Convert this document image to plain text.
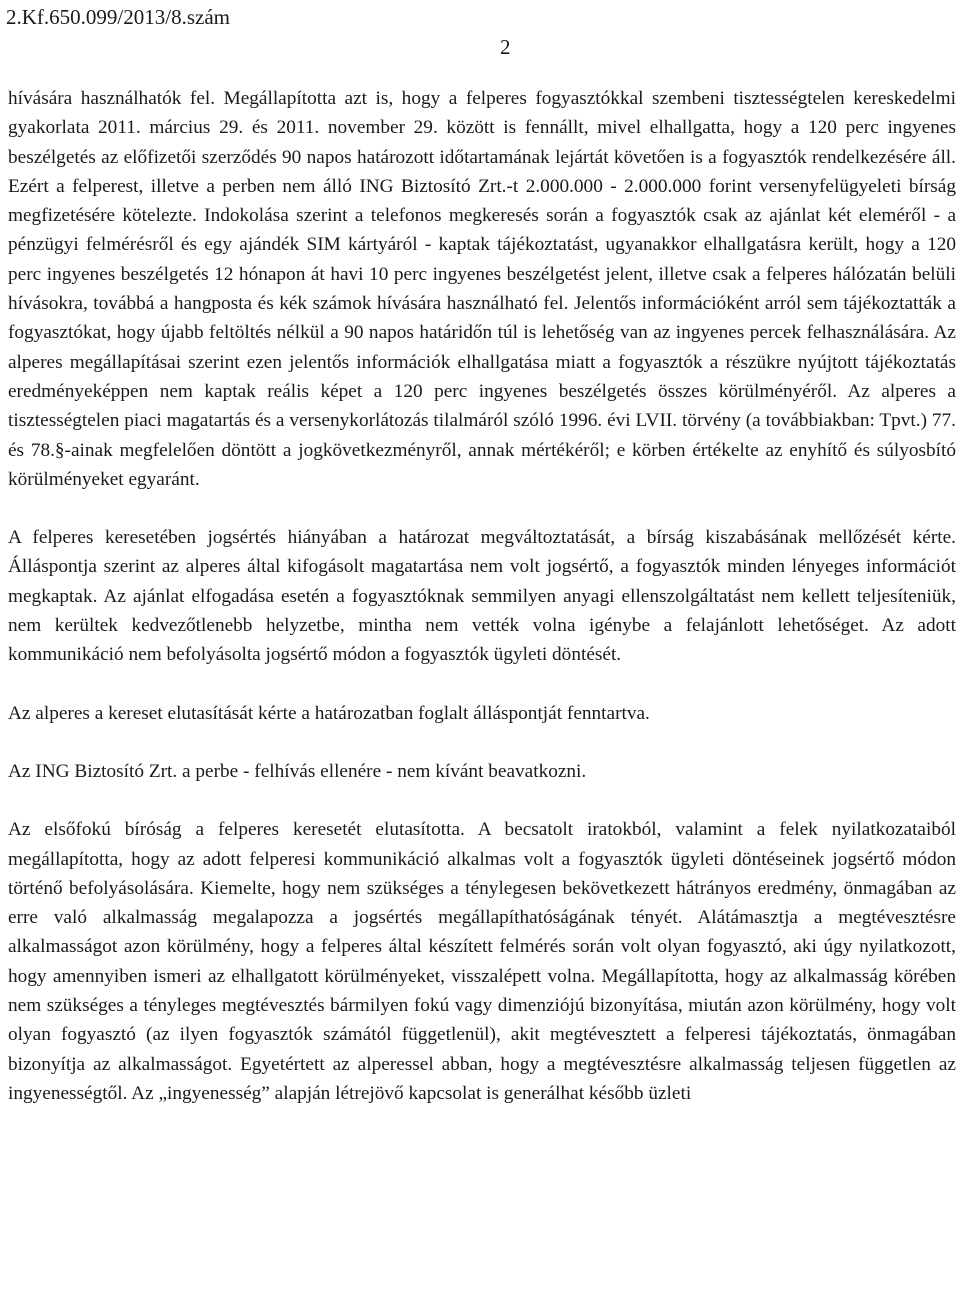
2.Kf.650.099/2013/8.szám
2

hívására használhatók fel. Megállapította azt is, hogy a felperes fogyasztókkal szembeni tisztességtelen kereskedelmi gyakorlata 2011. március 29. és 2011. november 29. között is fennállt, mivel elhallgatta, hogy a 120 perc ingyenes beszélgetés az előfizetői szerződés 90 napos határozott időtartamának lejártát követően is a fogyasztók rendelkezésére áll. Ezért a felperest, illetve a perben nem álló ING Biztosító Zrt.-t 2.000.000 - 2.000.000 forint versenyfelügyeleti bírság megfizetésére kötelezte. Indokolása szerint a telefonos megkeresés során a fogyasztók csak az ajánlat két eleméről - a pénzügyi felmérésről és egy ajándék SIM kártyáról - kaptak tájékoztatást, ugyanakkor elhallgatásra került, hogy a 120 perc ingyenes beszélgetés 12 hónapon át havi 10 perc ingyenes beszélgetést jelent, illetve csak a felperes hálózatán belüli hívásokra, továbbá a hangposta és kék számok hívására használható fel. Jelentős információként arról sem tájékoztatták a fogyasztókat, hogy újabb feltöltés nélkül a 90 napos határidőn túl is lehetőség van az ingyenes percek felhasználására. Az alperes megállapításai szerint ezen jelentős információk elhallgatása miatt a fogyasztók a részükre nyújtott tájékoztatás eredményeképpen nem kaptak reális képet a 120 perc ingyenes beszélgetés összes körülményéről. Az alperes a tisztességtelen piaci magatartás és a versenykorlátozás tilalmáról szóló 1996. évi LVII. törvény (a továbbiakban: Tpvt.) 77. és 78.§-ainak megfelelően döntött a jogkövetkezményről, annak mértékéről; e körben értékelte az enyhítő és súlyosbító körülményeket egyaránt.

A felperes keresetében jogsértés hiányában a határozat megváltoztatását, a bírság kiszabásának mellőzését kérte. Álláspontja szerint az alperes által kifogásolt magatartása nem volt jogsértő, a fogyasztók minden lényeges információt megkaptak. Az ajánlat elfogadása esetén a fogyasztóknak semmilyen anyagi ellenszolgáltatást nem kellett teljesíteniük, nem kerültek kedvezőtlenebb helyzetbe, mintha nem vették volna igénybe a felajánlott lehetőséget. Az adott kommunikáció nem befolyásolta jogsértő módon a fogyasztók ügyleti döntését.

Az alperes a kereset elutasítását kérte a határozatban foglalt álláspontját fenntartva.

Az ING Biztosító Zrt. a perbe - felhívás ellenére - nem kívánt beavatkozni.

Az elsőfokú bíróság a felperes keresetét elutasította. A becsatolt iratokból, valamint a felek nyilatkozataiból megállapította, hogy az adott felperesi kommunikáció alkalmas volt a fogyasztók ügyleti döntéseinek jogsértő módon történő befolyásolására. Kiemelte, hogy nem szükséges a ténylegesen bekövetkezett hátrányos eredmény, önmagában az erre való alkalmasság megalapozza a jogsértés megállapíthatóságának tényét. Alátámasztja a megtévesztésre alkalmasságot azon körülmény, hogy a felperes által készített felmérés során volt olyan fogyasztó, aki úgy nyilatkozott, hogy amennyiben ismeri az elhallgatott körülményeket, visszalépett volna. Megállapította, hogy az alkalmasság körében nem szükséges a tényleges megtévesztés bármilyen fokú vagy dimenziójú bizonyítása, miután azon körülmény, hogy volt olyan fogyasztó (az ilyen fogyasztók számától függetlenül), akit megtévesztett a felperesi tájékoztatás, önmagában bizonyítja az alkalmasságot. Egyetértett az alperessel abban, hogy a megtévesztésre alkalmasság teljesen független az ingyenességtől. Az „ingyenesség” alapján létrejövő kapcsolat is generálhat később üzleti
